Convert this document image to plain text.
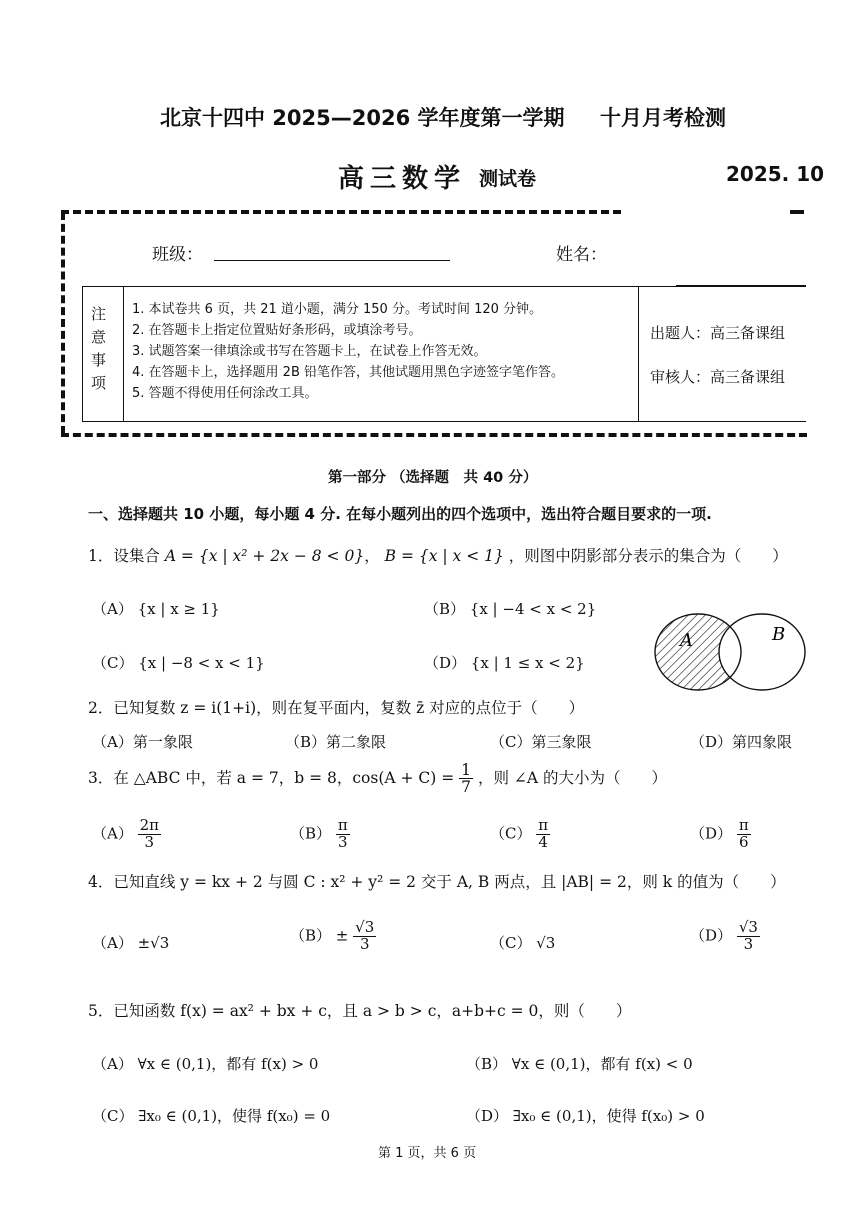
北京十四中 2025—2026 学年度第一学期 十月月考检测
高三数学 测试卷	2025. 10
班级：	姓名：
注
意
事
项
1. 本试卷共 6 页，共 21 道小题，满分 150 分。考试时间 120 分钟。
2. 在答题卡上指定位置贴好条形码，或填涂考号。
3. 试题答案一律填涂或书写在答题卡上，在试卷上作答无效。
4. 在答题卡上，选择题用 2B 铅笔作答，其他试题用黑色字迹签字笔作答。
5. 答题不得使用任何涂改工具。
出题人：高三备课组
审核人：高三备课组
第一部分 （选择题　共 40 分）
一、选择题共 10 小题，每小题 4 分. 在每小题列出的四个选项中，选出符合题目要求的一项.
1．设集合 A = {x | x² + 2x − 8 < 0}， B = {x | x < 1} ，则图中阴影部分表示的集合为（　　）
（A） {x | x ≥ 1}	（B） {x | −4 < x < 2}
（C） {x | −8 < x < 1}	（D） {x | 1 ≤ x < 2}
A	B
2．已知复数 z = i(1+i)，则在复平面内，复数 z̄ 对应的点位于（　　）
（A）第一象限	（B）第二象限	（C）第三象限	（D）第四象限
3．在 △ABC 中，若 a = 7，b = 8，$\cos(A + C) = \frac{1}{7}$ ，则 ∠A 的大小为（　　）
$(A) \frac{2\pi}{3}$	$(B) \frac{\pi}{3}$	$(C) \frac{\pi}{4}$	$(D) \frac{\pi}{6}$
4．已知直线 y = kx + 2 与圆 C : x² + y² = 2 交于 A, B 两点，且 |AB| = 2，则 k 的值为（　　）
（A） ±√3	$(B) \pm \frac{√3}{3}$	（C） √3	$(D) \frac{√3}{3}$
5．已知函数 f(x) = ax² + bx + c，且 a > b > c，a+b+c = 0，则（　　）
（A） ∀x ∈ (0,1)，都有 f(x) > 0	（B） ∀x ∈ (0,1)，都有 f(x) < 0
（C） ∃x₀ ∈ (0,1)，使得 f(x₀) = 0	（D） ∃x₀ ∈ (0,1)，使得 f(x₀) > 0
第 1 页，共 6 页
